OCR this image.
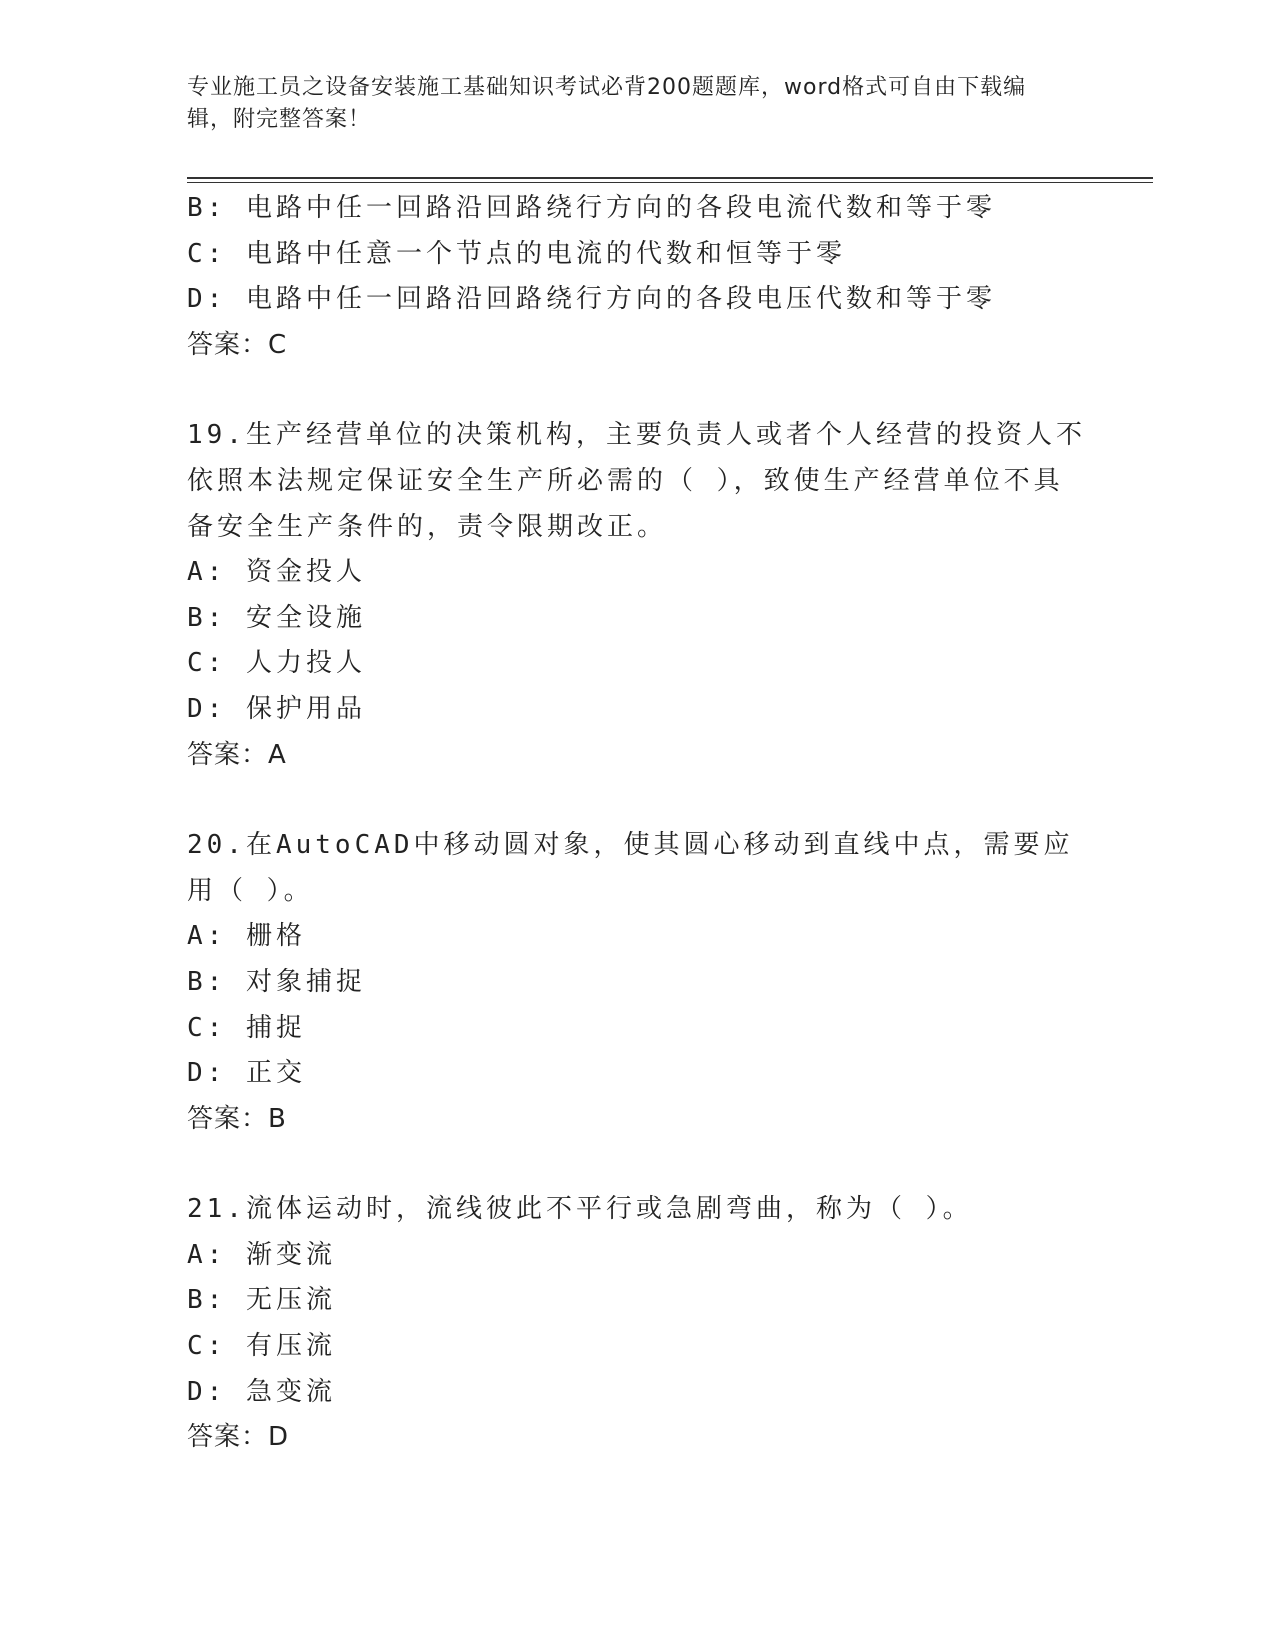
专业施工员之设备安装施工基础知识考试必背200题题库，word格式可自由下载编辑，附完整答案！
B: 电路中任一回路沿回路绕行方向的各段电流代数和等于零
C: 电路中任意一个节点的电流的代数和恒等于零
D: 电路中任一回路沿回路绕行方向的各段电压代数和等于零
答案：C
19.生产经营单位的决策机构，主要负责人或者个人经营的投资人不依照本法规定保证安全生产所必需的（ ），致使生产经营单位不具备安全生产条件的，责令限期改正。
A: 资金投人
B: 安全设施
C: 人力投人
D: 保护用品
答案：A
20.在AutoCAD中移动圆对象，使其圆心移动到直线中点，需要应用（ ）。
A: 栅格
B: 对象捕捉
C: 捕捉
D: 正交
答案：B
21.流体运动时，流线彼此不平行或急剧弯曲，称为（ ）。
A: 渐变流
B: 无压流
C: 有压流
D: 急变流
答案：D
